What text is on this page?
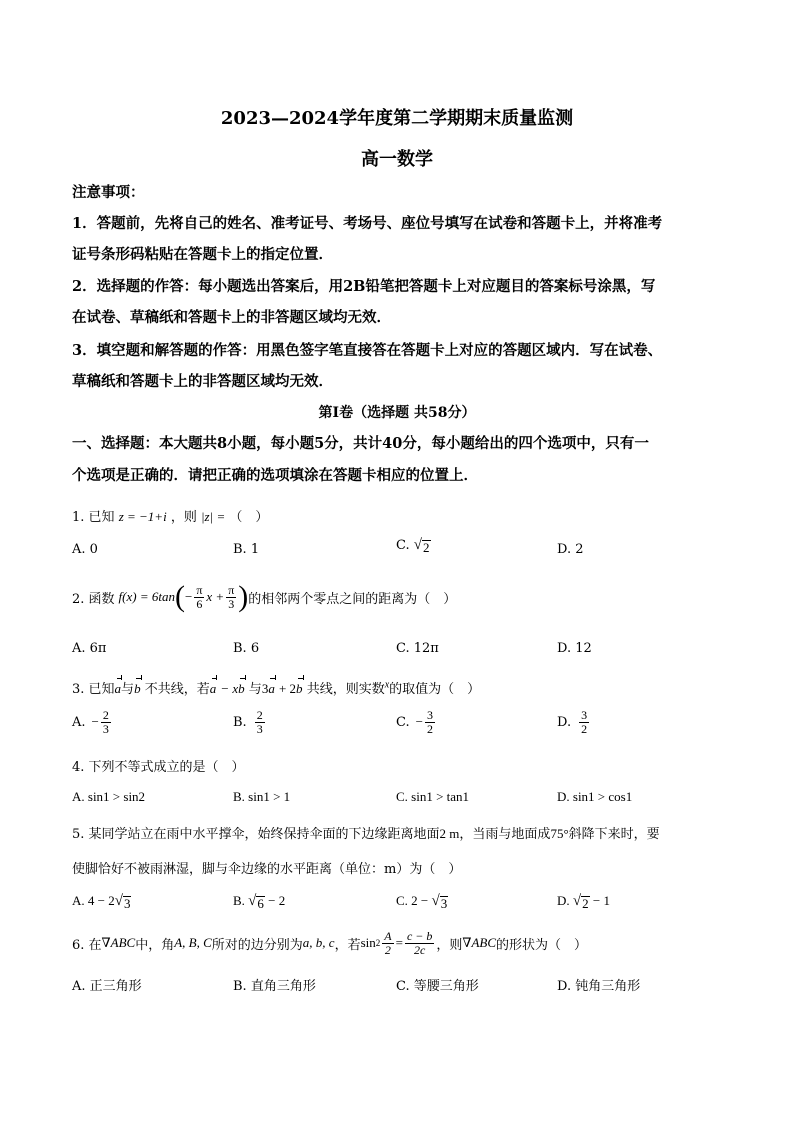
2023—2024学年度第二学期期末质量监测
高一数学
注意事项：
1．答题前，先将自己的姓名、准考证号、考场号、座位号填写在试卷和答题卡上，并将准考
证号条形码粘贴在答题卡上的指定位置．
2．选择题的作答：每小题选出答案后，用2B铅笔把答题卡上对应题目的答案标号涂黑，写
在试卷、草稿纸和答题卡上的非答题区域均无效．
3．填空题和解答题的作答：用黑色签字笔直接答在答题卡上对应的答题区域内．写在试卷、
草稿纸和答题卡上的非答题区域均无效．
第Ⅰ卷（选择题 共58分）
一、选择题：本大题共8小题，每小题5分，共计40分，每小题给出的四个选项中，只有一
个选项是正确的．请把正确的选项填涂在答题卡相应的位置上．
1. 已知 z = −1+i ，则 |z| = （　）
A. 0	B. 1	C. √ 2	D. 2
2. 函数 f(x) = 6tan ( − $\frac{\pi}{6}$ $x + \frac{\pi}{3}$ ) 的相邻两个零点之间的距离为（　）
A. 6π	B. 6	C. 12π	D. 12
3. 已知a与b 不共线，若a − xb 与3a + 2b 共线，则实数$^x$的取值为（　）
A. − $\frac{2}{3}$	B. $\frac{2}{3}$	C. − $\frac{3}{2}$	D. $\frac{3}{2}$
4. 下列不等式成立的是（　）
A. sin1 > sin2	B. sin1 > 1	C. sin1 > tan1	D. sin1 > cos1
5. 某同学站立在雨中水平撑伞，始终保持伞面的下边缘距离地面2 m，当雨与地面成75°斜降下来时，要
使脚恰好不被雨淋湿，脚与伞边缘的水平距离（单位：m）为（　）
A. 4 − 2 √ 3	B. √ 6 − 2	C. 2 − √ 3	D. √ 2 − 1
6. 在 ∇ABC 中，角 A, B, C 所对的边分别为 a, b, c ，若 $\sin 2 \frac{A}{2} = \frac{c - b}{2c}$ ，则 ∇ABC 的形状为（　）
A. 正三角形	B. 直角三角形	C. 等腰三角形	D. 钝角三角形
